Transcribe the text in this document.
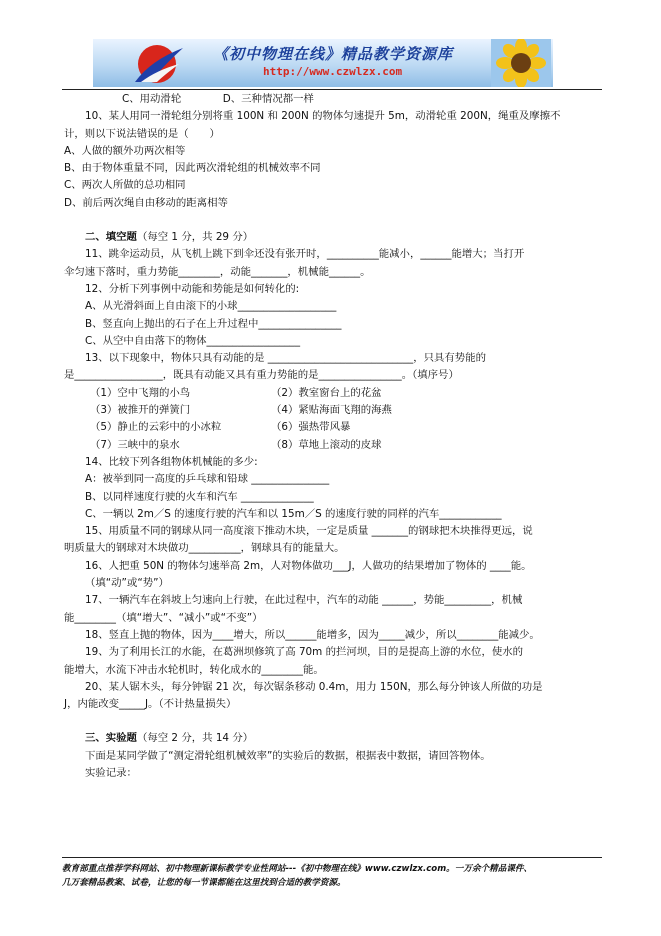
《初中物理在线》精品教学资源库
http://www.czwlzx.com

C、用动滑轮　　　　D、三种情况都一样

10、某人用同一滑轮组分别将重 100N 和 200N 的物体匀速提升 5m，动滑轮重 200N，绳重及摩擦不

计，则以下说法错误的是（　　）

A、人做的额外功两次相等

B、由于物体重量不同，因此两次滑轮组的机械效率不同

C、两次人所做的总功相同

D、前后两次绳自由移动的距离相等

二、填空题（每空 1 分，共 29 分）

11、跳伞运动员，从飞机上跳下到伞还没有张开时，__________能减小，______能增大；当打开

伞匀速下落时，重力势能________，动能_______，机械能______。

12、分析下列事例中动能和势能是如何转化的:

A、从光滑斜面上自由滚下的小球___________________

B、竖直向上抛出的石子在上升过程中________________

C、从空中自由落下的物体__________________

13、以下现象中，物体只具有动能的是 ____________________________，只具有势能的

是_________________，既具有动能又具有重力势能的是________________。（填序号）

（1）空中飞翔的小鸟	（2）教室窗台上的花盆

（3）被推开的弹簧门	（4）紧贴海面飞翔的海燕

（5）静止的云彩中的小冰粒	（6）强热带风暴

（7）三峡中的泉水	（8）草地上滚动的皮球

14、比较下列各组物体机械能的多少:

A：被举到同一高度的乒乓球和铅球 _______________

B、以同样速度行驶的火车和汽车 ______________

C、一辆以 2m／S 的速度行驶的汽车和以 15m／S 的速度行驶的同样的汽车____________

15、用质量不同的钢球从同一高度滚下推动木块，一定是质量 _______的钢球把木块推得更远，说

明质量大的钢球对木块做功__________，钢球具有的能量大。

16、人把重 50N 的物体匀速举高 2m，人对物体做功___J，人做功的结果增加了物体的 ____能。

（填“动”或“势”）

17、一辆汽车在斜坡上匀速向上行驶，在此过程中，汽车的动能 ______，势能_________，机械

能________（填“增大”、“减小”或“不变”）

18、竖直上抛的物体，因为____增大，所以______能增多，因为_____减少，所以________能减少。

19、为了利用长江的水能，在葛洲坝修筑了高 70m 的拦河坝，目的是提高上游的水位，使水的

能增大，水流下冲击水轮机时，转化成水的________能。

20、某人锯木头，每分钟锯 21 次，每次锯条移动 0.4m，用力 150N，那么每分钟该人所做的功是

J，内能改变_____J。（不计热量损失）

三、实验题（每空 2 分，共 14 分）

下面是某同学做了“测定滑轮组机械效率”的实验后的数据，根据表中数据，请回答物体。

实验记录：

教育部重点推荐学科网站、初中物理新课标教学专业性网站---《初中物理在线》www.czwlzx.com。一万余个精品课件、

几万套精品教案、试卷，让您的每一节课都能在这里找到合适的教学资源。
